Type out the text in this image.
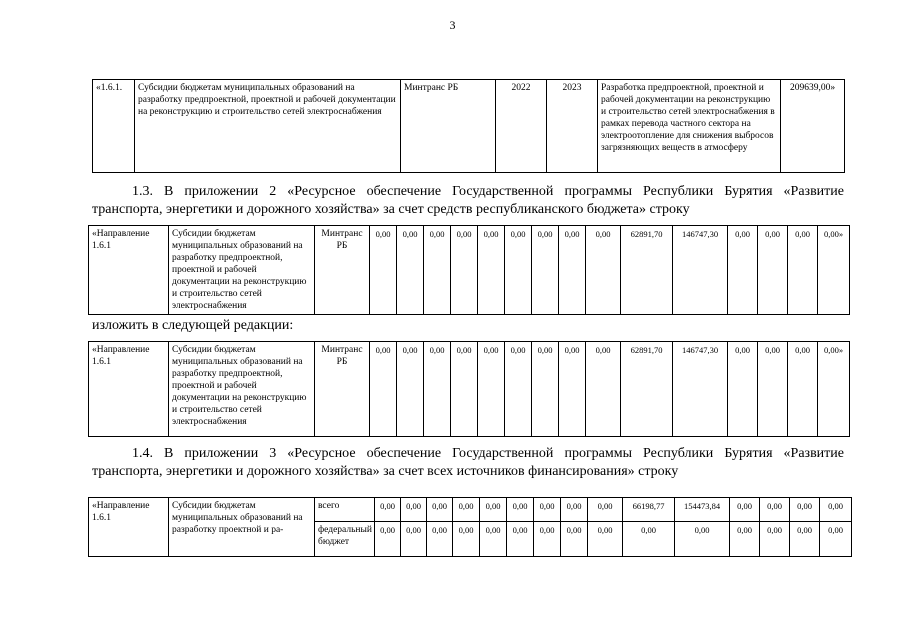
3
«1.6.1.	Субсидии бюджетам муниципальных образований на разработку предпроектной, проектной и рабочей документации на реконструкцию и строительство сетей электроснабжения	Минтранс РБ	2022	2023	Разработка предпроектной, проектной и рабочей документации на реконструкцию и строительство сетей электроснабжения в рамках перевода частного сектора на электроотопление для снижения выбросов загрязняющих веществ в атмосферу	209639,00»
1.3. В приложении 2 «Ресурсное обеспечение Государственной программы Республики Бурятия «Развитие
транспорта, энергетики и дорожного хозяйства» за счет средств республиканского бюджета» строку
«Направление 1.6.1	Субсидии бюджетам муниципальных образований на разработку предпроектной, проектной и рабочей документации на реконструкцию и строительство сетей электроснабжения	Минтранс РБ	0,00	0,00	0,00	0,00	0,00	0,00	0,00	0,00	0,00	62891,70	146747,30	0,00	0,00	0,00	0,00»
изложить в следующей редакции:
«Направление 1.6.1	Субсидии бюджетам муниципальных образований на разработку предпроектной, проектной и рабочей документации на реконструкцию и строительство сетей электроснабжения	Минтранс РБ	0,00	0,00	0,00	0,00	0,00	0,00	0,00	0,00	0,00	62891,70	146747,30	0,00	0,00	0,00	0,00»
1.4. В приложении 3 «Ресурсное обеспечение Государственной программы Республики Бурятия «Развитие
транспорта, энергетики и дорожного хозяйства» за счет всех источников финансирования» строку
«Направление 1.6.1	Субсидии бюджетам муниципальных образований на разработку проектной и ра-	всего	0,00	0,00	0,00	0,00	0,00	0,00	0,00	0,00	0,00	66198,77	154473,84	0,00	0,00	0,00	0,00
		федеральный бюджет	0,00	0,00	0,00	0,00	0,00	0,00	0,00	0,00	0,00	0,00	0,00	0,00	0,00	0,00	0,00
